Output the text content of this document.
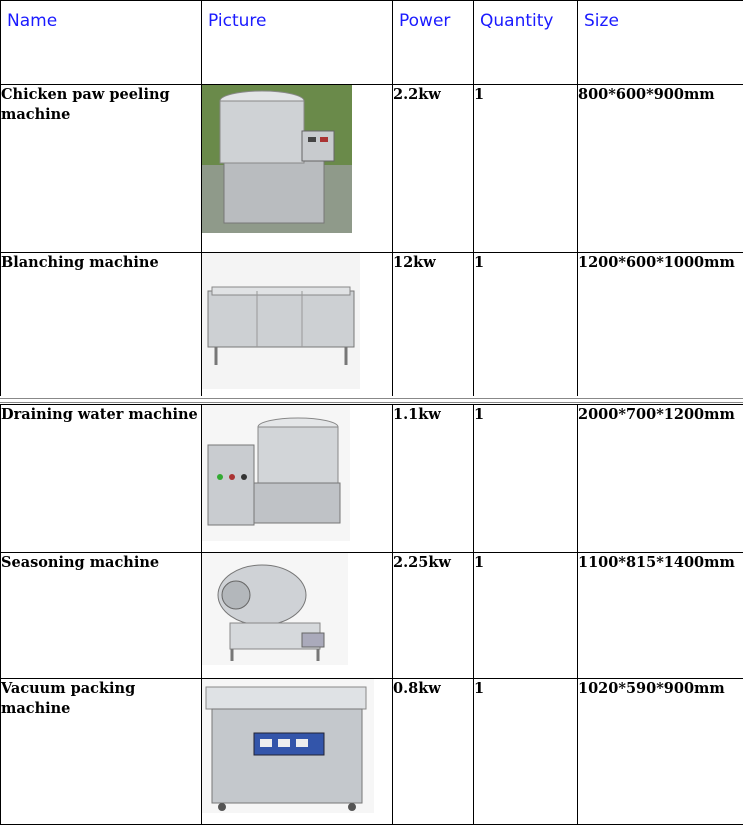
Name	Picture	Power	Quantity	Size
Chicken paw peeling machine		2.2kw	1	800*600*900mm
Blanching machine		12kw	1	1200*600*1000mm
Draining water machine		1.1kw	1	2000*700*1200mm
Seasoning machine		2.25kw	1	1100*815*1400mm
Vacuum packing machine		0.8kw	1	1020*590*900mm
